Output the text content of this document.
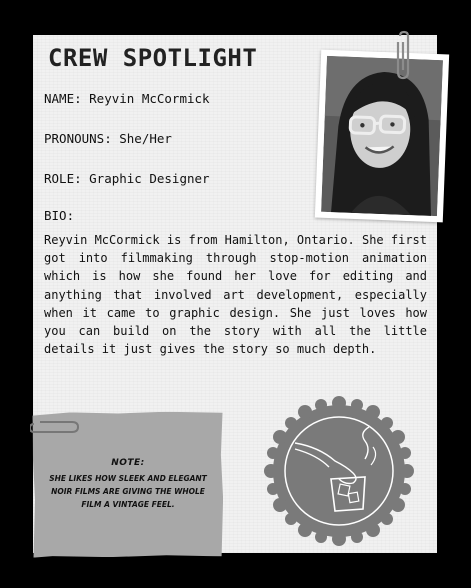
CREW SPOTLIGHT
NAME: Reyvin McCormick
PRONOUNS: She/Her
ROLE: Graphic Designer
BIO:

Reyvin McCormick is from Hamilton, Ontario. She first got into filmmaking through stop-motion animation which is how she found her love for editing and anything that involved art development, especially when it came to graphic design. She just loves how you can build on the story with all the little details it just gives the story so much depth.

NOTE:

SHE LIKES HOW SLEEK AND ELEGANT NOIR FILMS ARE GIVING THE WHOLE FILM A VINTAGE FEEL.
